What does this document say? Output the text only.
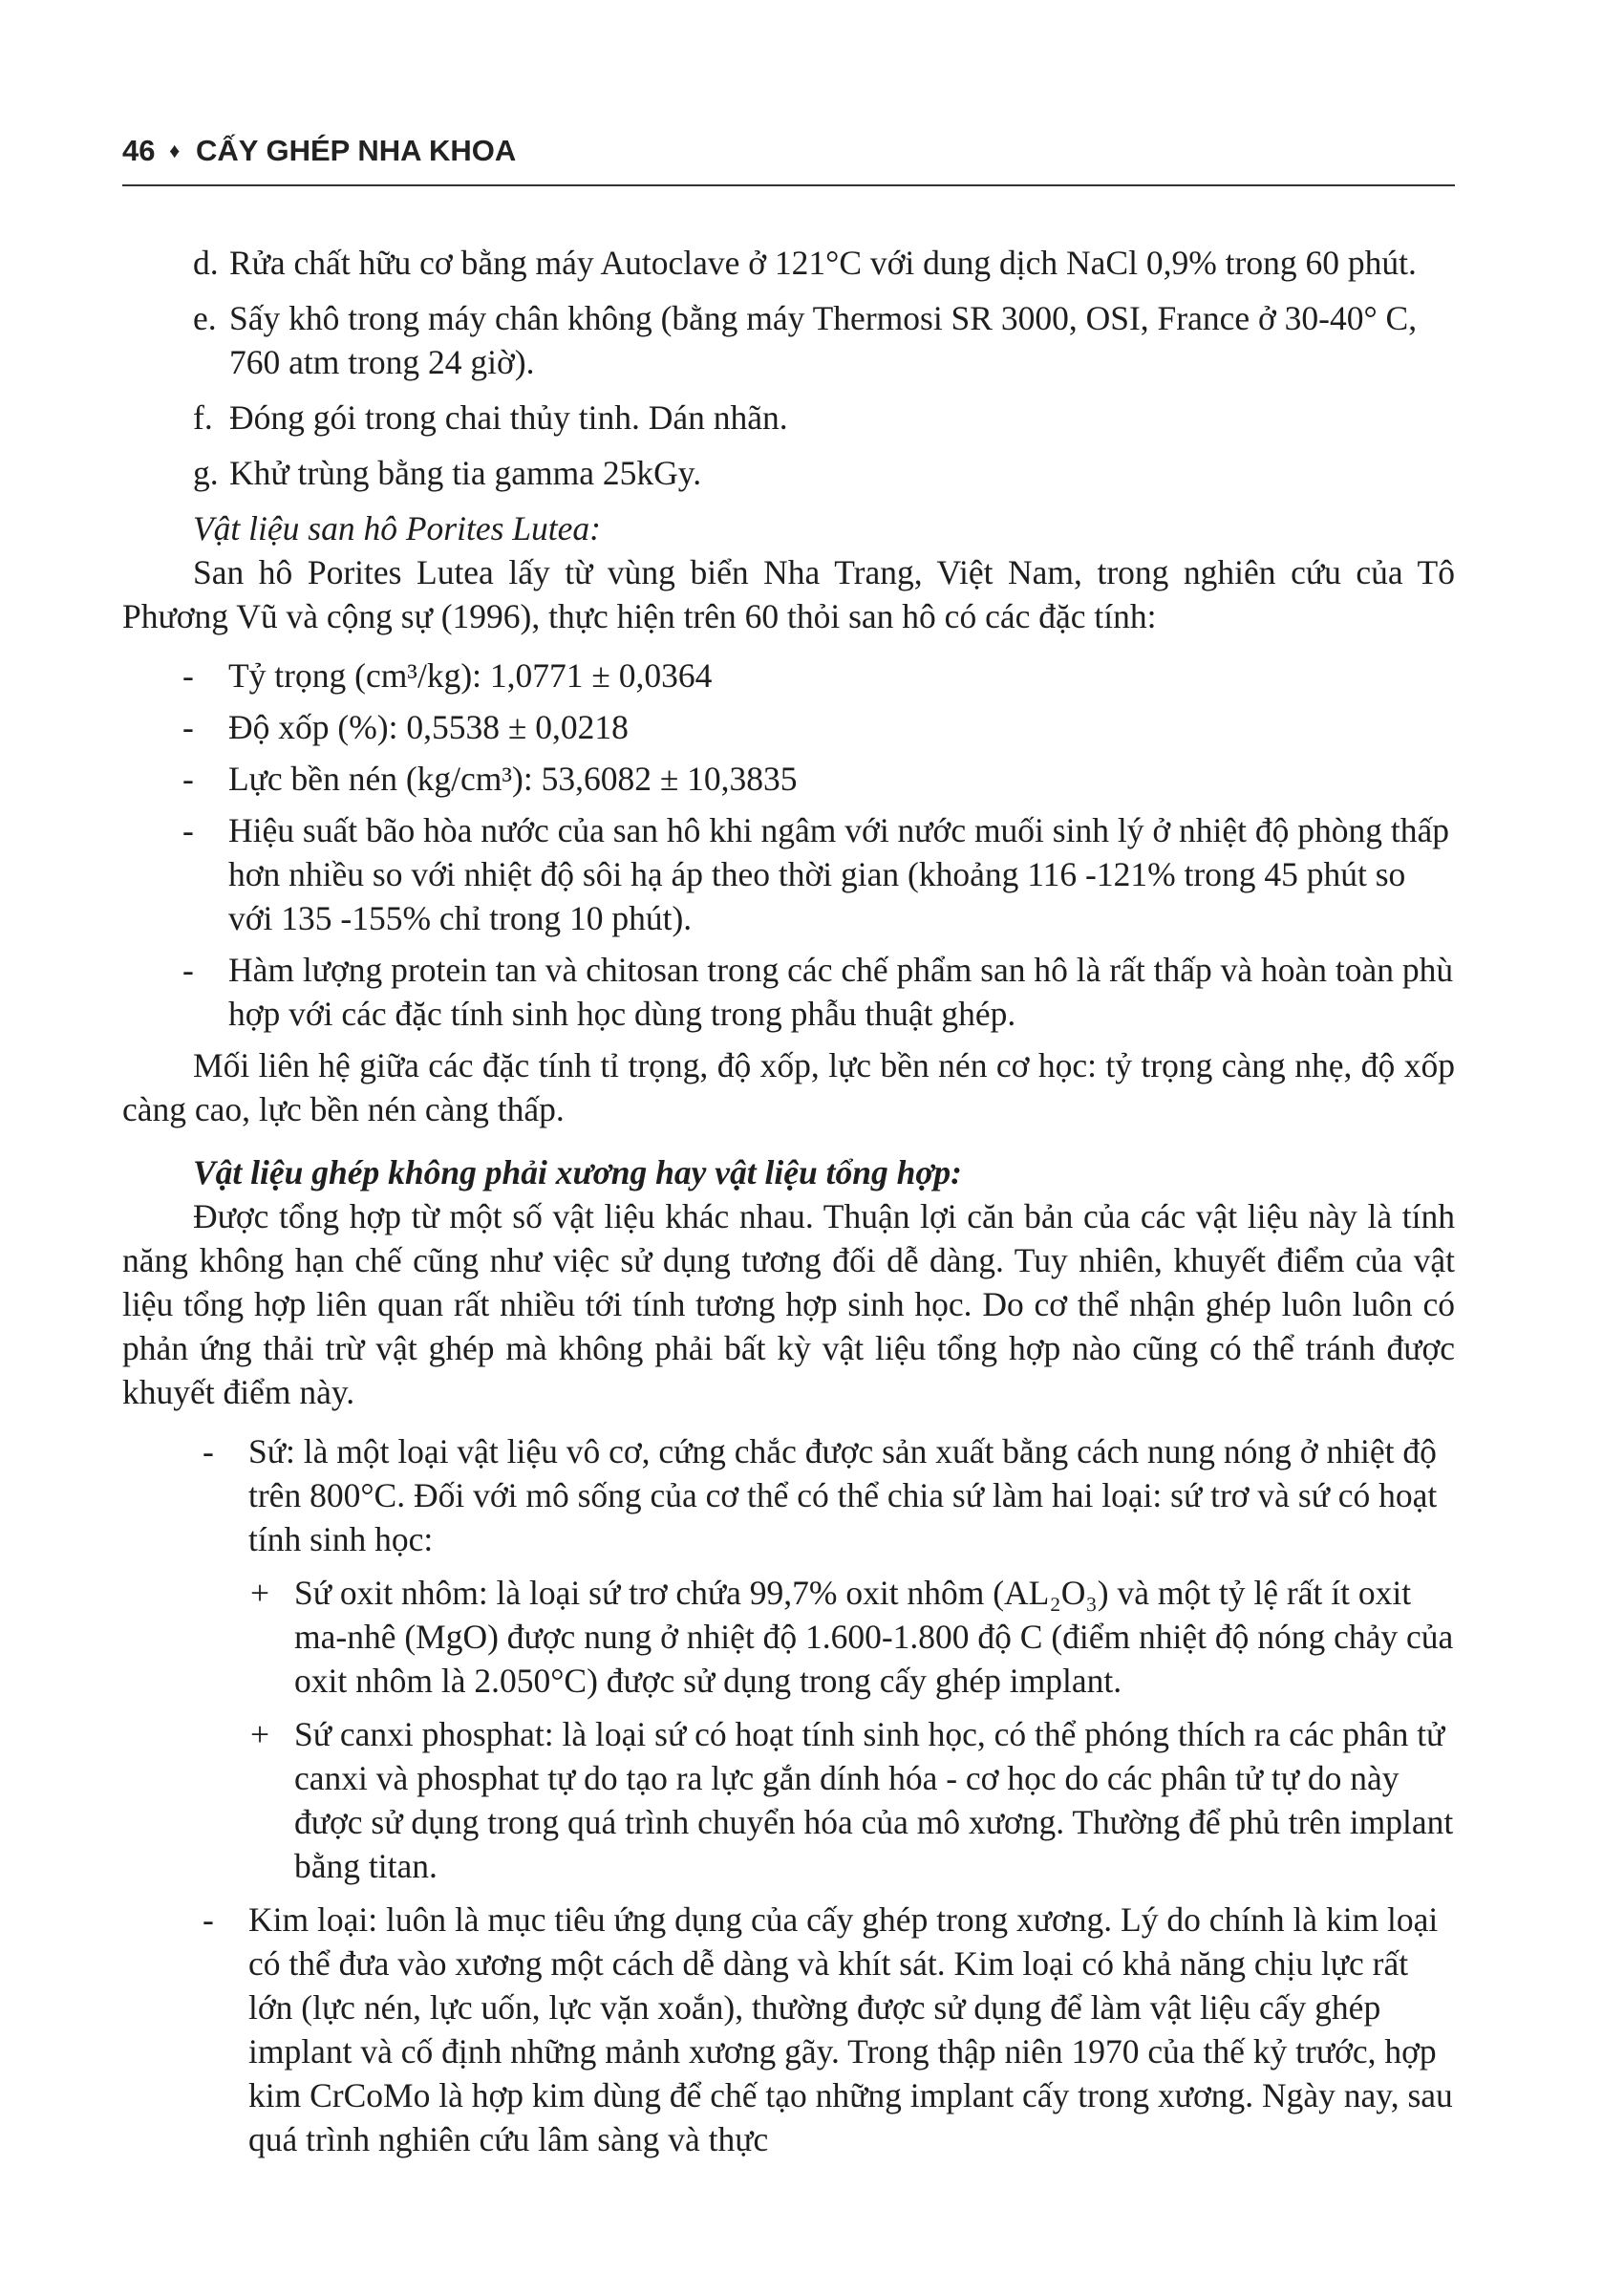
46 ♦ CẤY GHÉP NHA KHOA
d. Rửa chất hữu cơ bằng máy Autoclave ở 121°C với dung dịch NaCl 0,9% trong 60 phút.
e. Sấy khô trong máy chân không (bằng máy Thermosi SR 3000, OSI, France ở 30-40° C, 760 atm trong 24 giờ).
f. Đóng gói trong chai thủy tinh. Dán nhãn.
g. Khử trùng bằng tia gamma 25kGy.

Vật liệu san hô Porites Lutea:

San hô Porites Lutea lấy từ vùng biển Nha Trang, Việt Nam, trong nghiên cứu của Tô Phương Vũ và cộng sự (1996), thực hiện trên 60 thỏi san hô có các đặc tính:

-	Tỷ trọng (cm³/kg): 1,0771 ± 0,0364
-	Độ xốp (%): 0,5538 ± 0,0218
-	Lực bền nén (kg/cm³): 53,6082 ± 10,3835
-	Hiệu suất bão hòa nước của san hô khi ngâm với nước muối sinh lý ở nhiệt độ phòng thấp hơn nhiều so với nhiệt độ sôi hạ áp theo thời gian (khoảng 116 -121% trong 45 phút so với 135 -155% chỉ trong 10 phút).
-	Hàm lượng protein tan và chitosan trong các chế phẩm san hô là rất thấp và hoàn toàn phù hợp với các đặc tính sinh học dùng trong phẫu thuật ghép.

Mối liên hệ giữa các đặc tính tỉ trọng, độ xốp, lực bền nén cơ học: tỷ trọng càng nhẹ, độ xốp càng cao, lực bền nén càng thấp.

Vật liệu ghép không phải xương hay vật liệu tổng hợp:

Được tổng hợp từ một số vật liệu khác nhau. Thuận lợi căn bản của các vật liệu này là tính năng không hạn chế cũng như việc sử dụng tương đối dễ dàng. Tuy nhiên, khuyết điểm của vật liệu tổng hợp liên quan rất nhiều tới tính tương hợp sinh học. Do cơ thể nhận ghép luôn luôn có phản ứng thải trừ vật ghép mà không phải bất kỳ vật liệu tổng hợp nào cũng có thể tránh được khuyết điểm này.

-	Sứ: là một loại vật liệu vô cơ, cứng chắc được sản xuất bằng cách nung nóng ở nhiệt độ trên 800°C. Đối với mô sống của cơ thể có thể chia sứ làm hai loại: sứ trơ và sứ có hoạt tính sinh học:
+ Sứ oxit nhôm: là loại sứ trơ chứa 99,7% oxit nhôm (AL₂O₃) và một tỷ lệ rất ít oxit ma-nhê (MgO) được nung ở nhiệt độ 1.600-1.800 độ C (điểm nhiệt độ nóng chảy của oxit nhôm là 2.050°C) được sử dụng trong cấy ghép implant.
+ Sứ canxi phosphat: là loại sứ có hoạt tính sinh học, có thể phóng thích ra các phân tử canxi và phosphat tự do tạo ra lực gắn dính hóa - cơ học do các phân tử tự do này được sử dụng trong quá trình chuyển hóa của mô xương. Thường để phủ trên implant bằng titan.
-	Kim loại: luôn là mục tiêu ứng dụng của cấy ghép trong xương. Lý do chính là kim loại có thể đưa vào xương một cách dễ dàng và khít sát. Kim loại có khả năng chịu lực rất lớn (lực nén, lực uốn, lực vặn xoắn), thường được sử dụng để làm vật liệu cấy ghép implant và cố định những mảnh xương gãy. Trong thập niên 1970 của thế kỷ trước, hợp kim CrCoMo là hợp kim dùng để chế tạo những implant cấy trong xương. Ngày nay, sau quá trình nghiên cứu lâm sàng và thực
